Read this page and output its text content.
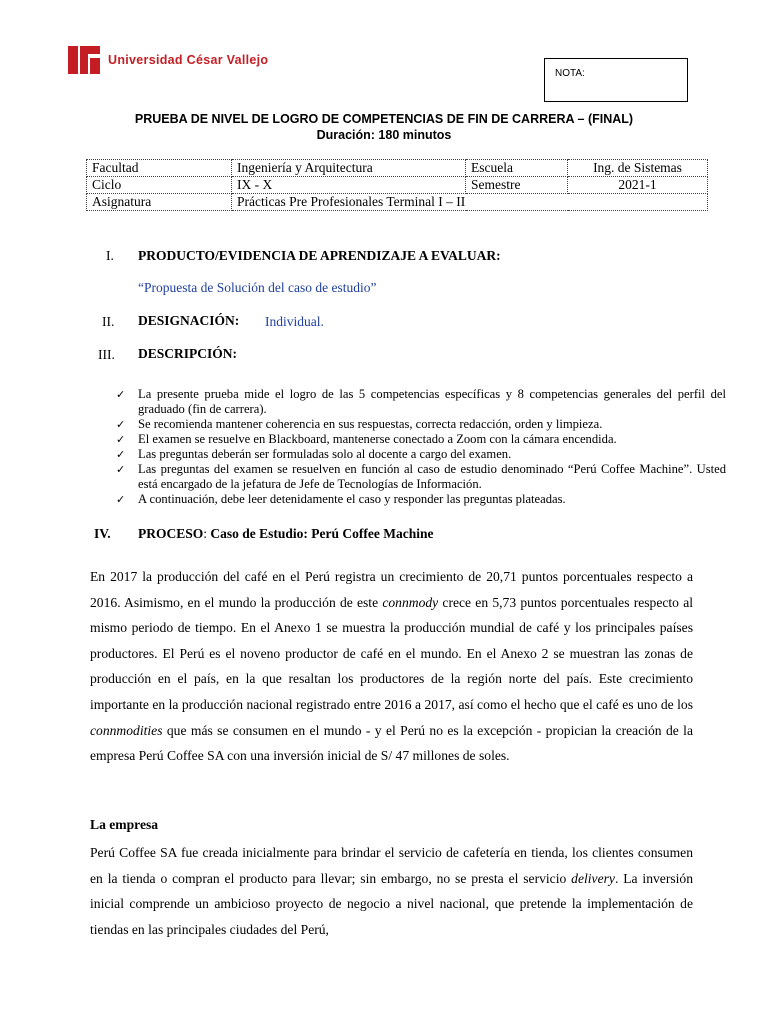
Universidad César Vallejo
NOTA:
PRUEBA DE NIVEL DE LOGRO DE COMPETENCIAS DE FIN DE CARRERA – (FINAL)
Duración: 180 minutos
Facultad	Ingeniería y Arquitectura	Escuela	Ing. de Sistemas
Ciclo	IX - X	Semestre	2021-1
Asignatura	Prácticas Pre Profesionales Terminal I – II		
I. PRODUCTO/EVIDENCIA DE APRENDIZAJE A EVALUAR:
“Propuesta de Solución del caso de estudio”
II. DESIGNACIÓN: Individual.
III. DESCRIPCIÓN:
✓ La presente prueba mide el logro de las 5 competencias específicas y 8 competencias generales del perfil del graduado (fin de carrera).
✓ Se recomienda mantener coherencia en sus respuestas, correcta redacción, orden y limpieza.
✓ El examen se resuelve en Blackboard, mantenerse conectado a Zoom con la cámara encendida.
✓ Las preguntas deberán ser formuladas solo al docente a cargo del examen.
✓ Las preguntas del examen se resuelven en función al caso de estudio denominado “Perú Coffee Machine”. Usted está encargado de la jefatura de Jefe de Tecnologías de Información.
✓ A continuación, debe leer detenidamente el caso y responder las preguntas plateadas.
IV. PROCESO: Caso de Estudio: Perú Coffee Machine

En 2017 la producción del café en el Perú registra un crecimiento de 20,71 puntos porcentuales respecto a 2016. Asimismo, en el mundo la producción de este connmody crece en 5,73 puntos porcentuales respecto al mismo periodo de tiempo. En el Anexo 1 se muestra la producción mundial de café y los principales países productores. El Perú es el noveno productor de café en el mundo. En el Anexo 2 se muestran las zonas de producción en el país, en la que resaltan los productores de la región norte del país. Este crecimiento importante en la producción nacional registrado entre 2016 a 2017, así como el hecho que el café es uno de los connmodities que más se consumen en el mundo - y el Perú no es la excepción - propician la creación de la empresa Perú Coffee SA con una inversión inicial de S/ 47 millones de soles.

La empresa

Perú Coffee SA fue creada inicialmente para brindar el servicio de cafetería en tienda, los clientes consumen en la tienda o compran el producto para llevar; sin embargo, no se presta el servicio delivery. La inversión inicial comprende un ambicioso proyecto de negocio a nivel nacional, que pretende la implementación de tiendas en las principales ciudades del Perú,
